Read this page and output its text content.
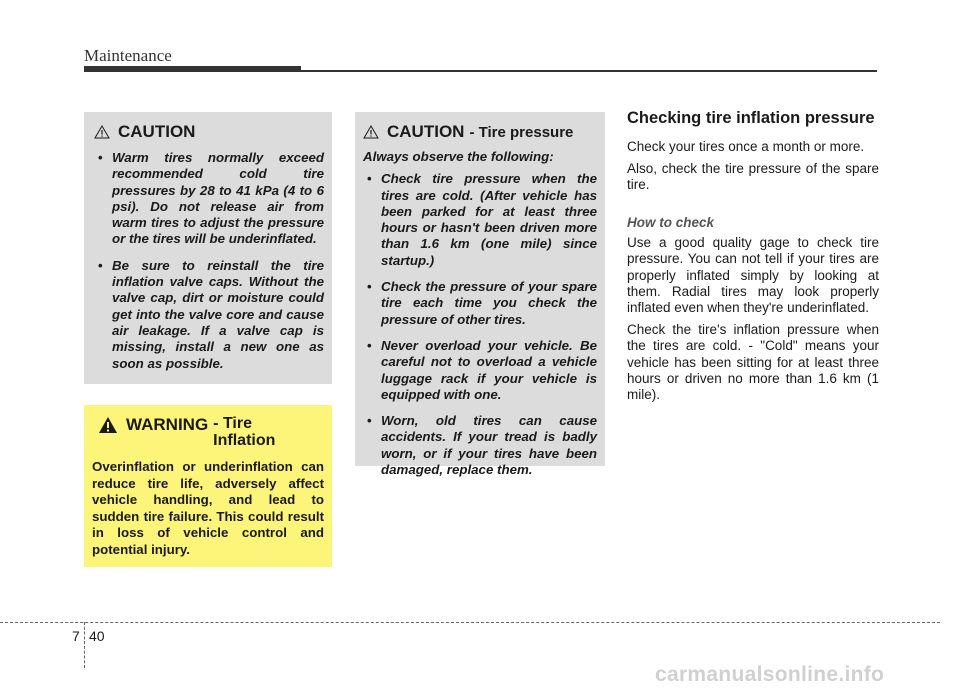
Maintenance
CAUTION
• Warm tires normally exceed recommended cold tire pressures by 28 to 41 kPa (4 to 6 psi). Do not release air from warm tires to adjust the pressure or the tires will be underinflated.
• Be sure to reinstall the tire inflation valve caps. Without the valve cap, dirt or moisture could get into the valve core and cause air leakage. If a valve cap is missing, install a new one as soon as possible.
WARNING - Tire Inflation

Overinflation or underinflation can reduce tire life, adversely affect vehicle handling, and lead to sudden tire failure. This could result in loss of vehicle control and potential injury.

CAUTION - Tire pressure

Always observe the following:

• Check tire pressure when the tires are cold. (After vehicle has been parked for at least three hours or hasn't been driven more than 1.6 km (one mile) since startup.)
• Check the pressure of your spare tire each time you check the pressure of other tires.
• Never overload your vehicle. Be careful not to overload a vehicle luggage rack if your vehicle is equipped with one.
• Worn, old tires can cause accidents. If your tread is badly worn, or if your tires have been damaged, replace them.
Checking tire inflation pressure

Check your tires once a month or more.

Also, check the tire pressure of the spare tire.

How to check

Use a good quality gage to check tire pressure. You can not tell if your tires are properly inflated simply by looking at them. Radial tires may look properly inflated even when they're underinflated.

Check the tire's inflation pressure when the tires are cold. - "Cold" means your vehicle has been sitting for at least three hours or driven no more than 1.6 km (1 mile).

7 40
carmanualsonline.info
